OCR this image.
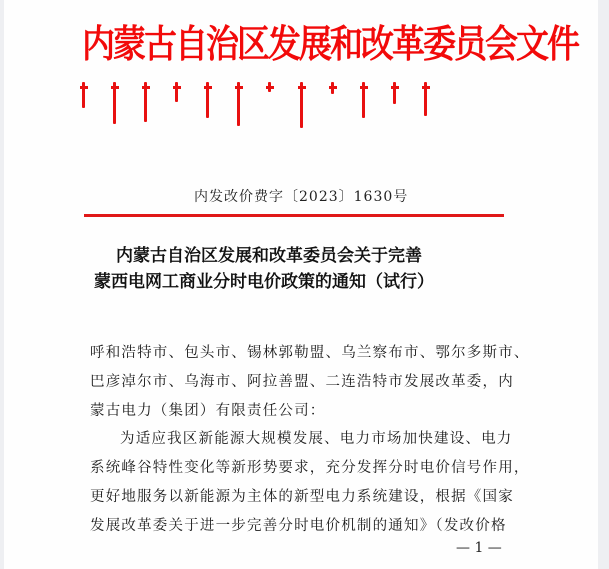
内蒙古自治区发展和改革委员会文件
内发改价费字〔2023〕1630号
内蒙古自治区发展和改革委员会关于完善
蒙西电网工商业分时电价政策的通知（试行）
呼和浩特市、包头市、锡林郭勒盟、乌兰察布市、鄂尔多斯市、
巴彦淖尔市、乌海市、阿拉善盟、二连浩特市发展改革委，内
蒙古电力（集团）有限责任公司：
为适应我区新能源大规模发展、电力市场加快建设、电力
系统峰谷特性变化等新形势要求，充分发挥分时电价信号作用，
更好地服务以新能源为主体的新型电力系统建设，根据《国家
发展改革委关于进一步完善分时电价机制的通知》（发改价格
— 1 —
